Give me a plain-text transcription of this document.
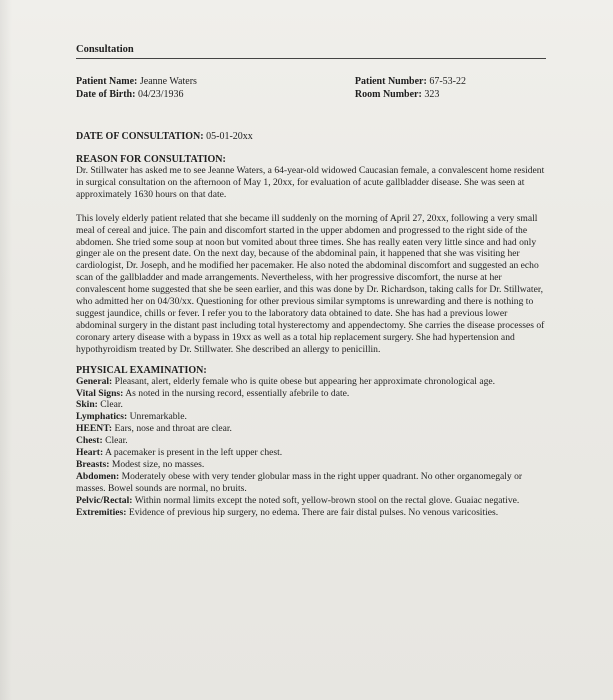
Consultation
Patient Name: Jeanne Waters
Date of Birth: 04/23/1936
Patient Number: 67-53-22
Room Number: 323
DATE OF CONSULTATION: 05-01-20xx
REASON FOR CONSULTATION:

Dr. Stillwater has asked me to see Jeanne Waters, a 64-year-old widowed Caucasian female, a convalescent home resident in surgical consultation on the afternoon of May 1, 20xx, for evaluation of acute gallbladder disease. She was seen at approximately 1630 hours on that date.

This lovely elderly patient related that she became ill suddenly on the morning of April 27, 20xx, following a very small meal of cereal and juice. The pain and discomfort started in the upper abdomen and progressed to the right side of the abdomen. She tried some soup at noon but vomited about three times. She has really eaten very little since and had only ginger ale on the present date. On the next day, because of the abdominal pain, it happened that she was visiting her cardiologist, Dr. Joseph, and he modified her pacemaker. He also noted the abdominal discomfort and suggested an echo scan of the gallbladder and made arrangements. Nevertheless, with her progressive discomfort, the nurse at her convalescent home suggested that she be seen earlier, and this was done by Dr. Richardson, taking calls for Dr. Stillwater, who admitted her on 04/30/xx. Questioning for other previous similar symptoms is unrewarding and there is nothing to suggest jaundice, chills or fever. I refer you to the laboratory data obtained to date. She has had a previous lower abdominal surgery in the distant past including total hysterectomy and appendectomy. She carries the disease processes of coronary artery disease with a bypass in 19xx as well as a total hip replacement surgery. She had hypertension and hypothyroidism treated by Dr. Stillwater. She described an allergy to penicillin.

PHYSICAL EXAMINATION:
General: Pleasant, alert, elderly female who is quite obese but appearing her approximate chronological age.
Vital Signs: As noted in the nursing record, essentially afebrile to date.
Skin: Clear.
Lymphatics: Unremarkable.
HEENT: Ears, nose and throat are clear.
Chest: Clear.
Heart: A pacemaker is present in the left upper chest.
Breasts: Modest size, no masses.
Abdomen: Moderately obese with very tender globular mass in the right upper quadrant. No other organomegaly or masses. Bowel sounds are normal, no bruits.
Pelvic/Rectal: Within normal limits except the noted soft, yellow-brown stool on the rectal glove. Guaiac negative.
Extremities: Evidence of previous hip surgery, no edema. There are fair distal pulses. No venous varicosities.
